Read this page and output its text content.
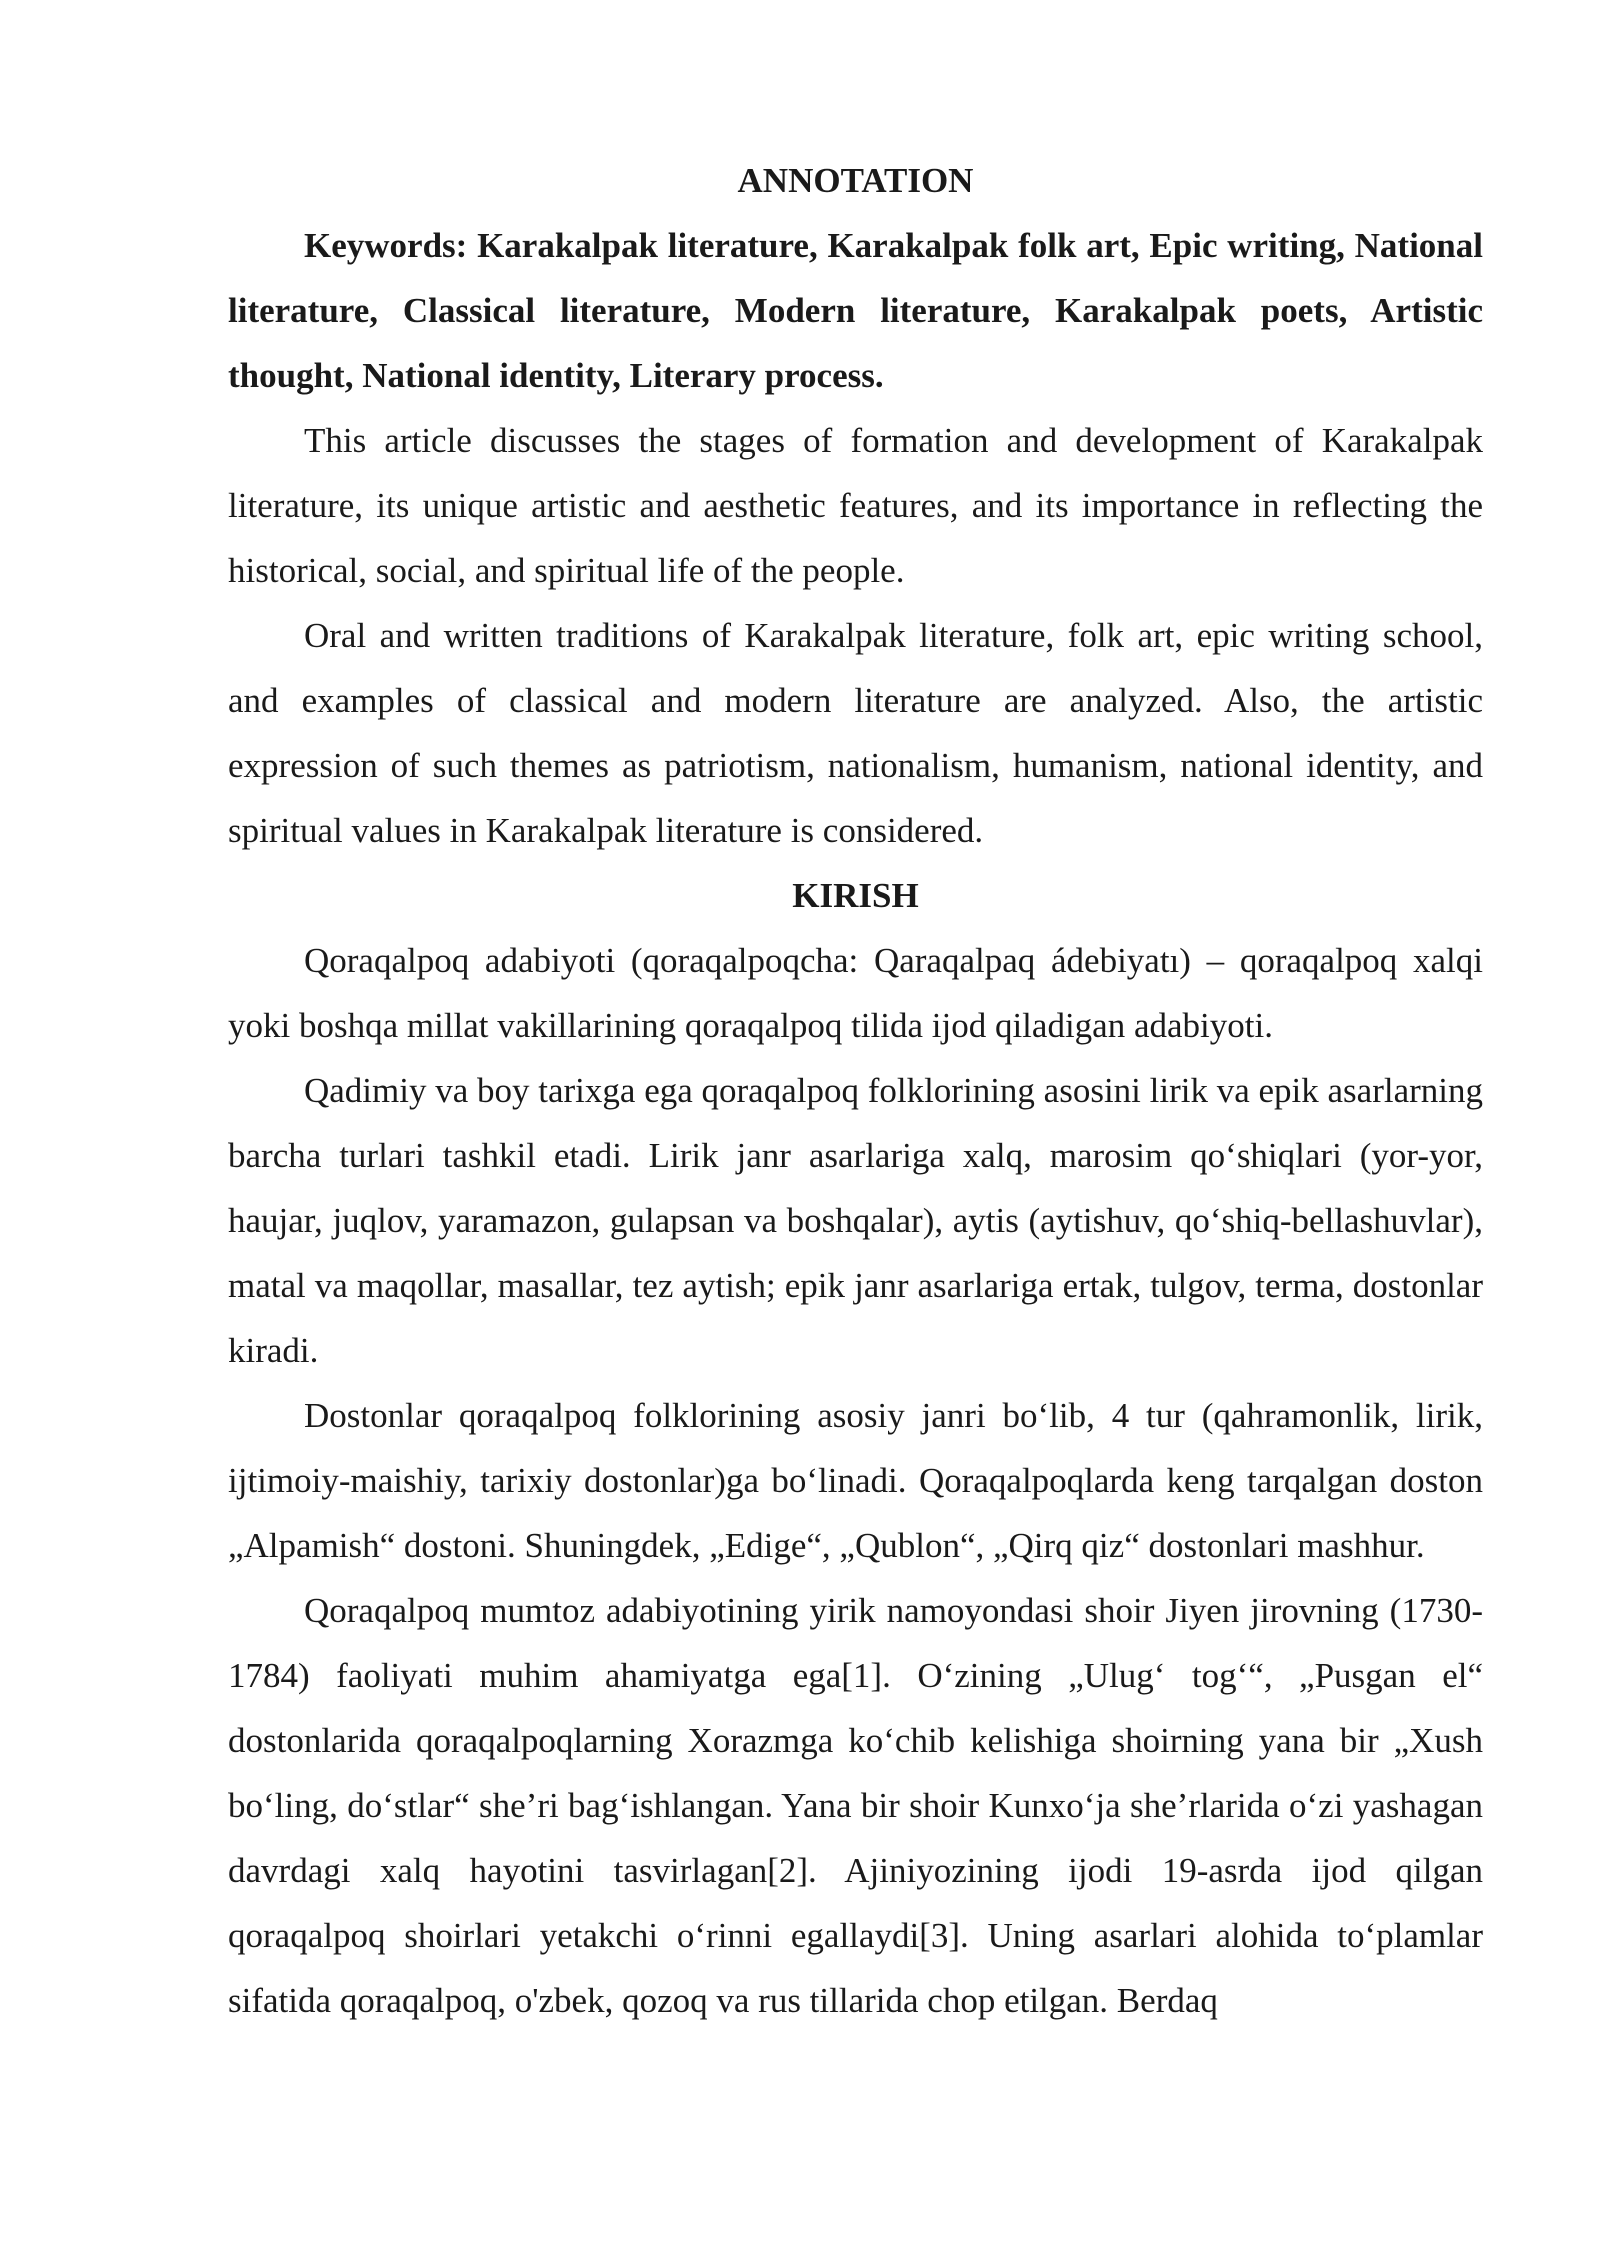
ANNOTATION
Keywords: Karakalpak literature, Karakalpak folk art, Epic writing, National literature, Classical literature, Modern literature, Karakalpak poets, Artistic thought, National identity, Literary process.
This article discusses the stages of formation and development of Karakalpak literature, its unique artistic and aesthetic features, and its importance in reflecting the historical, social, and spiritual life of the people.
Oral and written traditions of Karakalpak literature, folk art, epic writing school, and examples of classical and modern literature are analyzed. Also, the artistic expression of such themes as patriotism, nationalism, humanism, national identity, and spiritual values in Karakalpak literature is considered.
KIRISH
Qoraqalpoq adabiyoti (qoraqalpoqcha: Qaraqalpaq ádebiyatı) – qoraqalpoq xalqi yoki boshqa millat vakillarining qoraqalpoq tilida ijod qiladigan adabiyoti.
Qadimiy va boy tarixga ega qoraqalpoq folklorining asosini lirik va epik asarlarning barcha turlari tashkil etadi. Lirik janr asarlariga xalq, marosim qo‘shiqlari (yor-yor, haujar, juqlov, yaramazon, gulapsan va boshqalar), aytis (aytishuv, qo‘shiq-bellashuvlar), matal va maqollar, masallar, tez aytish; epik janr asarlariga ertak, tulgov, terma, dostonlar kiradi.
Dostonlar qoraqalpoq folklorining asosiy janri bo‘lib, 4 tur (qahramonlik, lirik, ijtimoiy-maishiy, tarixiy dostonlar)ga bo‘linadi. Qoraqalpoqlarda keng tarqalgan doston „Alpamish“ dostoni. Shuningdek, „Edige“, „Qublon“, „Qirq qiz“ dostonlari mashhur.
Qoraqalpoq mumtoz adabiyotining yirik namoyondasi shoir Jiyen jirovning (1730-1784) faoliyati muhim ahamiyatga ega[1]. O‘zining „Ulug‘ tog‘“, „Pusgan el“ dostonlarida qoraqalpoqlarning Xorazmga ko‘chib kelishiga shoirning yana bir „Xush bo‘ling, do‘stlar“ she’ri bag‘ishlangan. Yana bir shoir Kunxo‘ja she’rlarida o‘zi yashagan davrdagi xalq hayotini tasvirlagan[2]. Ajiniyozining ijodi 19-asrda ijod qilgan qoraqalpoq shoirlari yetakchi o‘rinni egallaydi[3]. Uning asarlari alohida to‘plamlar sifatida qoraqalpoq, o'zbek, qozoq va rus tillarida chop etilgan. Berdaq
